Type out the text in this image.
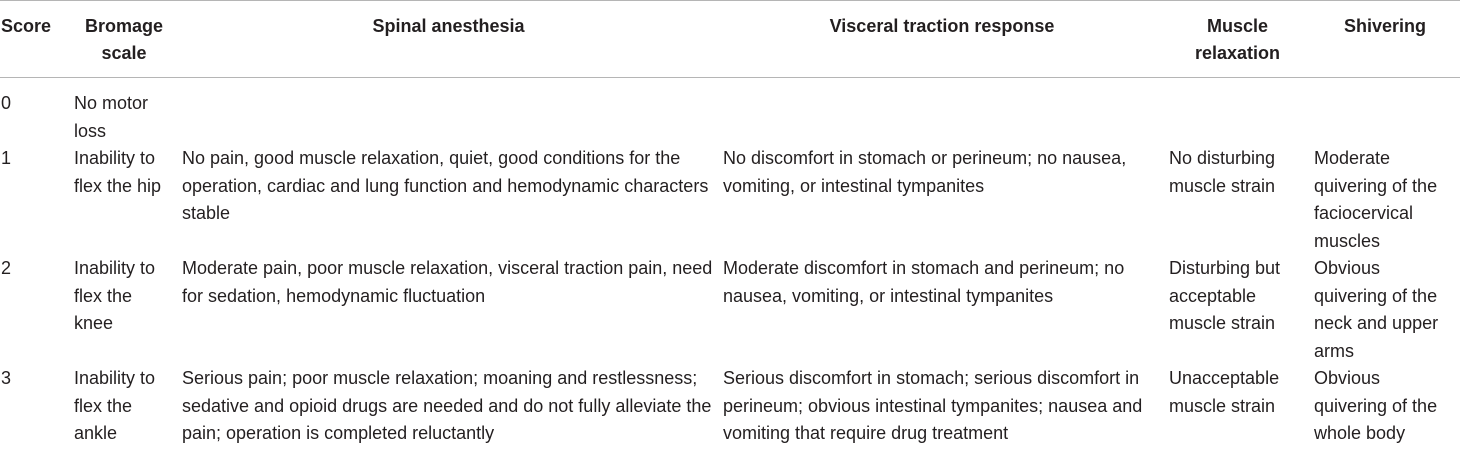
Score	Bromage scale	Spinal anesthesia	Visceral traction response	Muscle relaxation	Shivering
0	No motor loss				
1	Inability to flex the hip	No pain, good muscle relaxation, quiet, good conditions for the operation, cardiac and lung function and hemodynamic characters stable	No discomfort in stomach or perineum; no nausea, vomiting, or intestinal tympanites	No disturbing muscle strain	Moderate quivering of the faciocervical muscles
2	Inability to flex the knee	Moderate pain, poor muscle relaxation, visceral traction pain, need for sedation, hemodynamic fluctuation	Moderate discomfort in stomach and perineum; no nausea, vomiting, or intestinal tympanites	Disturbing but acceptable muscle strain	Obvious quivering of the neck and upper arms
3	Inability to flex the ankle	Serious pain; poor muscle relaxation; moaning and restlessness; sedative and opioid drugs are needed and do not fully alleviate the pain; operation is completed reluctantly	Serious discomfort in stomach; serious discomfort in perineum; obvious intestinal tympanites; nausea and vomiting that require drug treatment	Unacceptable muscle strain	Obvious quivering of the whole body
